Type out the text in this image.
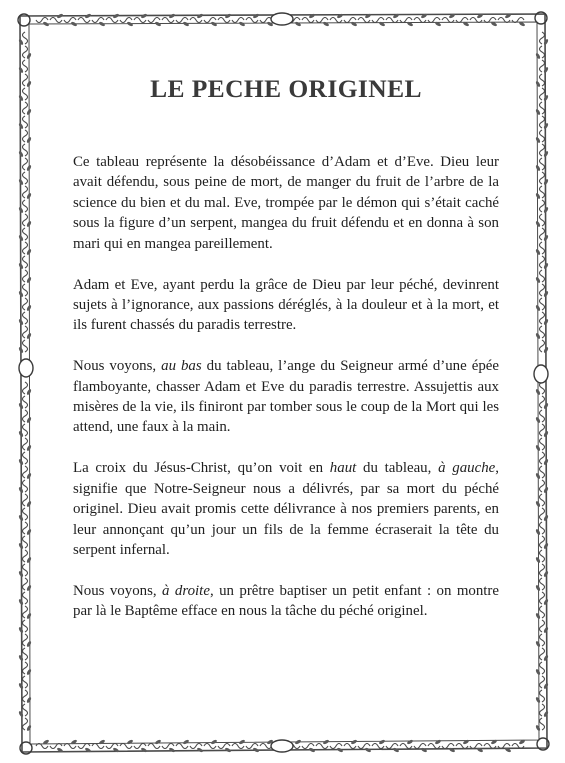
LE PECHE ORIGINEL

Ce tableau représente la désobéissance d’Adam et d’Eve. Dieu leur avait défendu, sous peine de mort, de manger du fruit de l’arbre de la science du bien et du mal. Eve, trompée par le démon qui s’était caché sous la figure d’un serpent, mangea du fruit défendu et en donna à son mari qui en mangea pareillement.

Adam et Eve, ayant perdu la grâce de Dieu par leur péché, devinrent sujets à l’ignorance, aux passions déréglés, à la douleur et à la mort, et ils furent chassés du paradis terrestre.

Nous voyons, au bas du tableau, l’ange du Seigneur armé d’une épée flamboyante, chasser Adam et Eve du paradis terrestre. Assujettis aux misères de la vie, ils finiront par tomber sous le coup de la Mort qui les attend, une faux à la main.

La croix du Jésus-Christ, qu’on voit en haut du tableau, à gauche, signifie que Notre-Seigneur nous a délivrés, par sa mort du péché originel. Dieu avait promis cette délivrance à nos premiers parents, en leur annonçant qu’un jour un fils de la femme écraserait la tête du serpent infernal.

Nous voyons, à droite, un prêtre baptiser un petit enfant : on montre par là le Baptême efface en nous la tâche du péché originel.
